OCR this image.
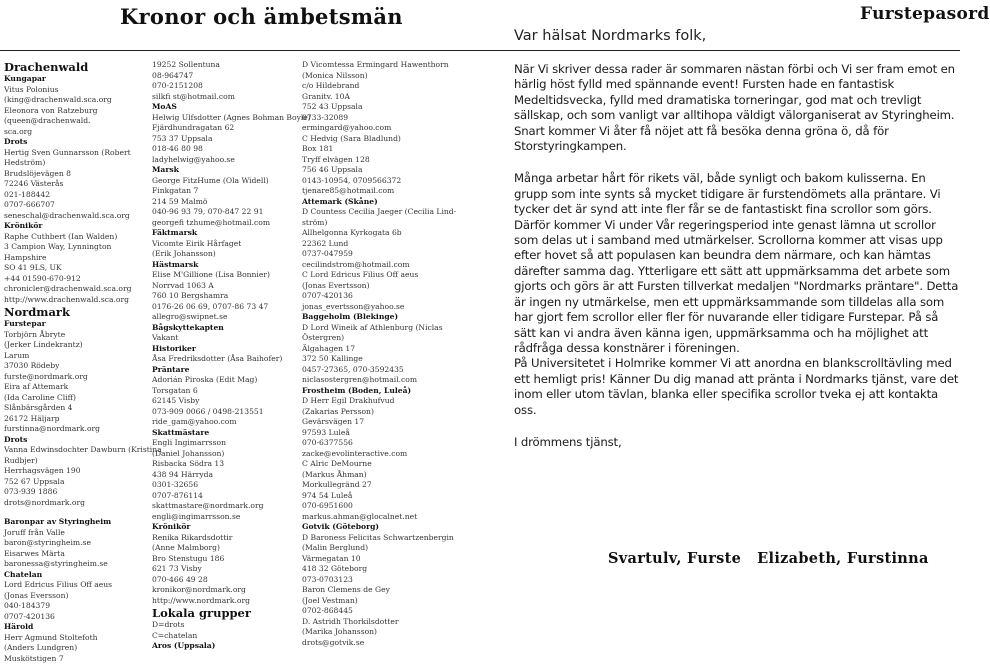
Kronor och ämbetsmän	Furstepasord
Var hälsat Nordmarks folk,
Drachenwald
Kungapar
Vitus Polonius
(king@drachenwald.sca.org
Eleonora von Ratzeburg
(queen@drachenwald.
sca.org
Drots
Hertig Sven Gunnarsson (Robert
Hedström)
Brudslöjevägen 8
72246 Västerås
021-188442
0707-666707
seneschal@drachenwald.sca.org
Krönikör
Raphe Cuthbert (Ian Walden)
3 Campion Way, Lynnington
Hampshire
SO 41 9LS, UK
+44 01590-670-912
chronicler@drachenwald.sca.org
http://www.drachenwald.sca.org
Nordmark
Furstepar
Torbjörn Åbryte
(Jerker Lindekrantz)
Larum
37030 Rödeby
furste@nordmark.org
Eira af Attemark
(Ida Caroline Cliff)
Slånbärsgården 4
26172 Häljarp
furstinna@nordmark.org
Drots
Vanna Edwinsdochter Dawburn (Kristina
Rudbjer)
Herrhagsvägen 190
752 67 Uppsala
073-939 1886
drots@nordmark.org
Baronpar av Styringheim
Joruff från Valle
baron@styringheim.se
Eisarwes Märta
baronessa@styringheim.se
Chatelan
Lord Edricus Filius Off aeus
(Jonas Eversson)
040-184379
0707-420136
Härold
Herr Agmund Stoltefoth
(Anders Lundgren)
Muskötstigen 7
19252 Sollentuna
08-964747
070-2151208
silkfi st@hotmail.com
MoAS
Helwig Ulfsdotter (Agnes Bohman Boyle)
Fjärdhundragatan 62
753 37 Uppsala
018-46 80 98
ladyhelwig@yahoo.se
Marsk
George FitzHume (Ola Widell)
Finkgatan 7
214 59 Malmö
040-96 93 79, 070-847 22 91
georgefi tzhume@hotmail.com
Fäktmarsk
Vicomte Eirik Hårfaget
(Erik Johansson)
Hästmarsk
Elise M'Gillione (Lisa Bonnier)
Norrvad 1063 A
760 10 Bergshamra
0176-26 06 69, 0707-86 73 47
allegro@swipnet.se
Bågskyttekapten
Vakant
Historiker
Åsa Fredriksdotter (Åsa Baihofer)
Präntare
Adorián Piroska (Edit Mag)
Torsgatan 6
62145 Visby
073-909 0066 / 0498-213551
ride_gam@yahoo.com
Skattmästare
Engli Ingimarrsson
(Daniel Johansson)
Risbacka Södra 13
438 94 Härryda
0301-32656
0707-876114
skattmastare@nordmark.org
engli@ingimarrsson.se
Krönikör
Renika Rikardsdottir
(Anne Malmborg)
Bro Stenstugu 186
621 73 Visby
070-466 49 28
kronikor@nordmark.org
http://www.nordmark.org
Lokala grupper
D=drots
C=chatelan
Aros (Uppsala)
D Vicomtessa Ermingard Hawenthorn
(Monica Nilsson)
c/o Hildebrand
Granitv. 10A
752 43 Uppsala
0733-32089
ermingard@yahoo.com
C Hedvig (Sara Bladlund)
Box 181
Tryff elvägen 128
756 46 Uppsala
0143-10954, 0709566372
tjenare85@hotmail.com
Attemark (Skåne)
D Countess Cecilia Jaeger (Cecilia Lind-
ström)
Allhelgonna Kyrkogata 6b
22362 Lund
0737-047959
cecilindstrom@hotmail.com
C Lord Edricus Filius Off aeus
(Jonas Evertsson)
0707-420136
jonas_evertsson@yahoo.se
Baggeholm (Blekinge)
D Lord Wineik af Athlenburg (Niclas
Östergren)
Älgahagen 17
372 50 Kallinge
0457-27365, 070-3592435
niclasostergren@hotmail.com
Frostheim (Boden, Luleå)
D Herr Egil Drakhufvud
(Zakarias Persson)
Gevärsvägen 17
97593 Luleå
070-6377556
zacke@evolinteractive.com
C Alric DeMourne
(Markus Åhman)
Morkullegränd 27
974 54 Luleå
070-6951600
markus.ahman@glocalnet.net
Gotvik (Göteborg)
D Baroness Felicitas Schwartzenbergin
(Malin Berglund)
Värmegatan 10
418 32 Göteborg
073-0703123
Baron Clemens de Gey
(Joel Vestman)
0702-868445
D. Astridh Thorkilsdotter
(Marika Johansson)
drots@gotvik.se

När Vi skriver dessa rader är sommaren nästan förbi och Vi ser fram emot en härlig höst fylld med spännande event! Fursten hade en fantastisk Medeltidsvecka, fylld med dramatiska torneringar, god mat och trevligt sällskap, och som vanligt var alltihopa väldigt välorganiserat av Styringheim. Snart kommer Vi åter få nöjet att få besöka denna gröna ö, då för Storstyringkampen.

Många arbetar hårt för rikets väl, både synligt och bakom kulisserna. En grupp som inte synts så mycket tidigare är furstendömets alla präntare. Vi tycker det är synd att inte fler får se de fantastiskt fina scrollor som görs. Därför kommer Vi under Vår regeringsperiod inte genast lämna ut scrollor som delas ut i samband med utmärkelser. Scrollorna kommer att visas upp efter hovet så att populasen kan beundra dem närmare, och kan hämtas därefter samma dag. Ytterligare ett sätt att uppmärksamma det arbete som gjorts och görs är att Fursten tillverkat medaljen "Nordmarks präntare". Detta är ingen ny utmärkelse, men ett uppmärksammande som tilldelas alla som har gjort fem scrollor eller fler för nuvarande eller tidigare Furstepar. På så sätt kan vi andra även känna igen, uppmärksamma och ha möjlighet att rådfråga dessa konstnärer i föreningen.

På Universitetet i Holmrike kommer Vi att anordna en blankscrolltävling med ett hemligt pris! Känner Du dig manad att pränta i Nordmarks tjänst, vare det inom eller utom tävlan, blanka eller specifika scrollor tveka ej att kontakta oss.

I drömmens tjänst,

Svartulv, Furste   Elizabeth, Furstinna
